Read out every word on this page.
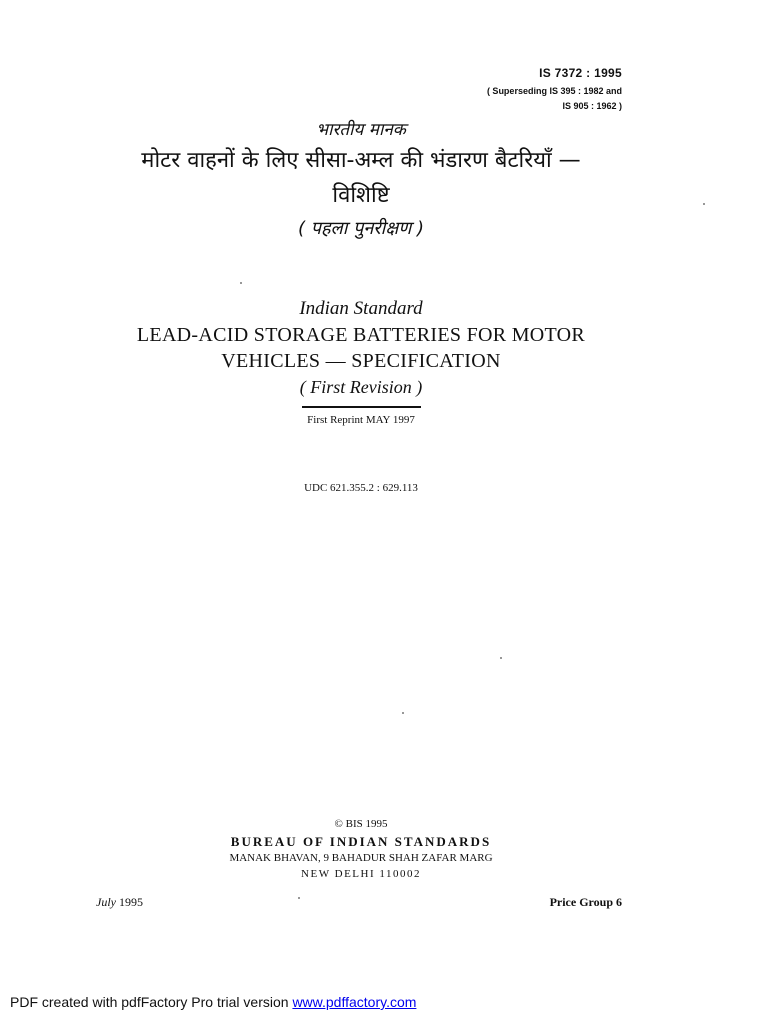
IS 7372 : 1995
( Superseding IS 395 : 1982 and
IS 905 : 1962 )
भारतीय मानक
मोटर वाहनों के लिए सीसा-अम्ल की भंडारण बैटरियाँ —
विशिष्टि
( पहला पुनरीक्षण )
Indian Standard
LEAD-ACID STORAGE BATTERIES FOR MOTOR
VEHICLES — SPECIFICATION
( First Revision )
First Reprint MAY 1997
UDC 621.355.2 : 629.113
© BIS 1995
BUREAU OF INDIAN STANDARDS
MANAK BHAVAN, 9 BAHADUR SHAH ZAFAR MARG
NEW DELHI 110002
July 1995	Price Group 6
PDF created with pdfFactory Pro trial version www.pdffactory.com
